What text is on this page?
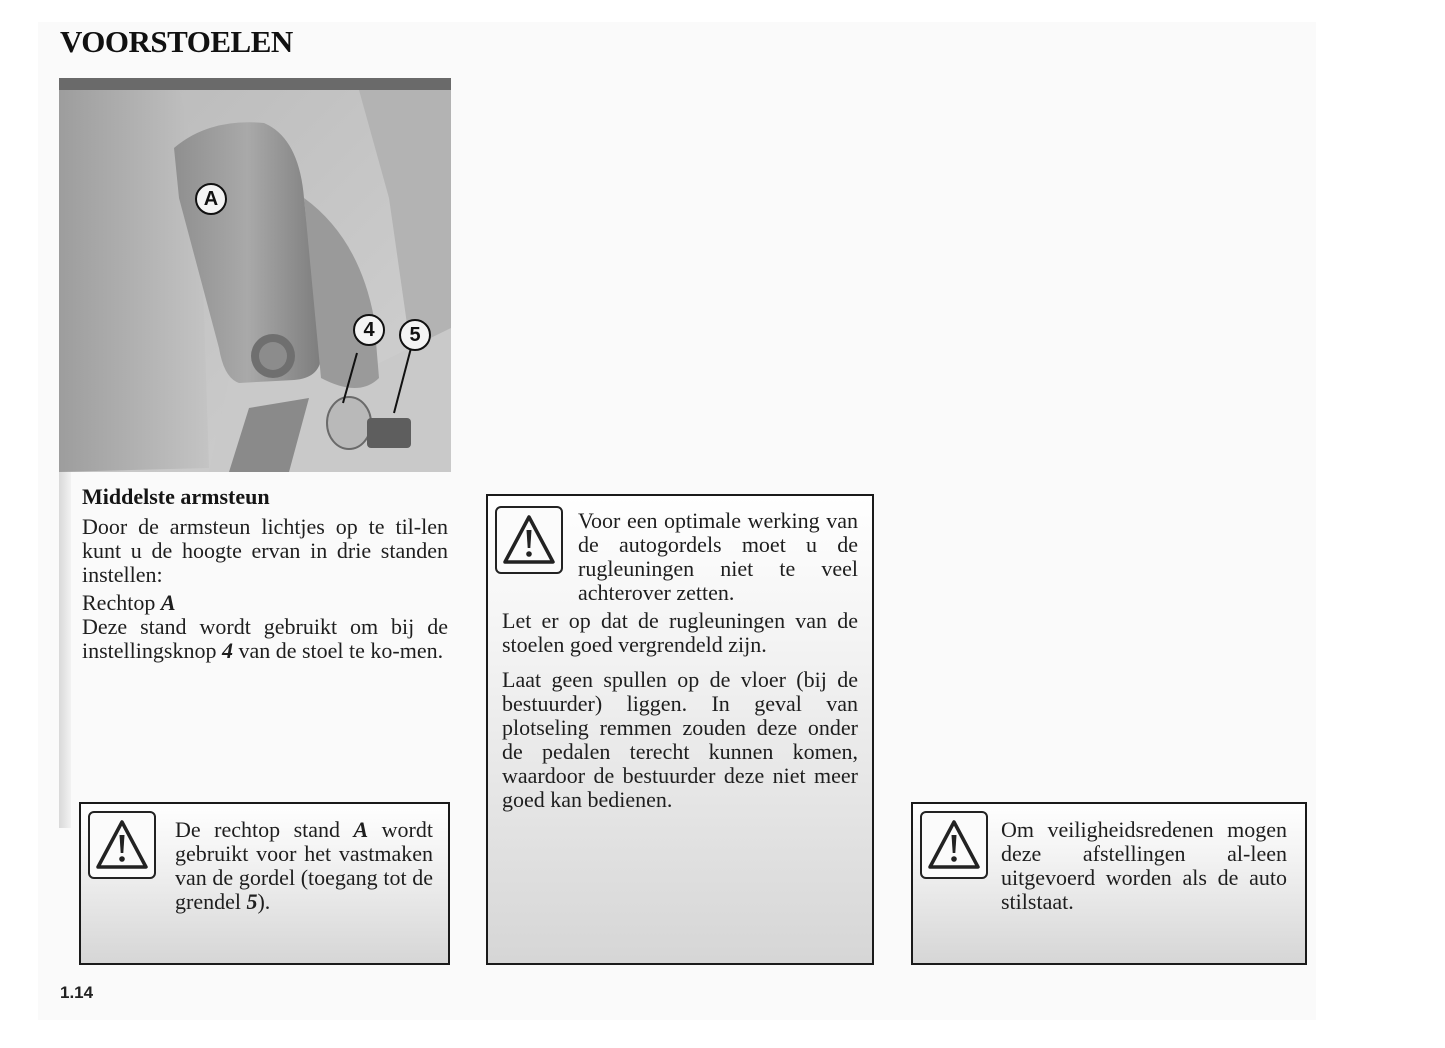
VOORSTOELEN
A
4	5
Middelste armsteun

Door de armsteun lichtjes op te til-len kunt u de hoogte ervan in drie standen instellen:

Rechtop A

Deze stand wordt gebruikt om bij de instellingsknop 4 van de stoel te ko-men.

De rechtop stand A wordt gebruikt voor het vastmaken van de gordel (toegang tot de grendel 5).

Voor een optimale werking van de autogordels moet u de rugleuningen niet te veel achterover zetten.
Let er op dat de rugleuningen van de stoelen goed vergrendeld zijn.
Laat geen spullen op de vloer (bij de bestuurder) liggen. In geval van plotseling remmen zouden deze onder de pedalen terecht kunnen komen, waardoor de bestuurder deze niet meer goed kan bedienen.
Om veiligheidsredenen mogen deze afstellingen al-leen uitgevoerd worden als de auto stilstaat.

1.14
